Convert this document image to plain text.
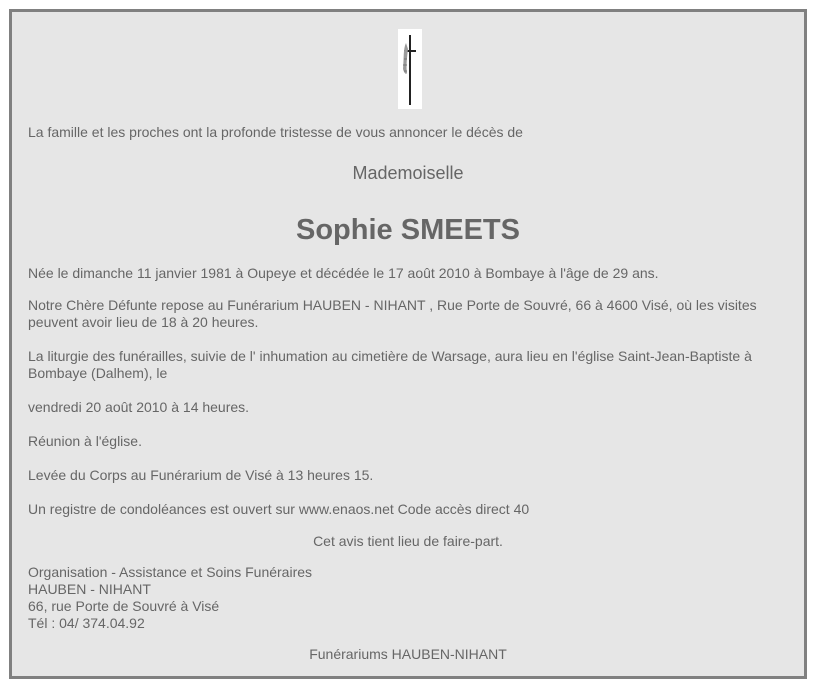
La famille et les proches ont la profonde tristesse de vous annoncer le décès de
Mademoiselle
Sophie SMEETS
Née le dimanche 11 janvier 1981 à Oupeye et décédée le 17 août 2010 à Bombaye à l'âge de 29 ans.
Notre Chère Défunte repose au Funérarium HAUBEN - NIHANT , Rue Porte de Souvré, 66 à 4600 Visé, où les visites peuvent avoir lieu de 18 à 20 heures.
La liturgie des funérailles, suivie de l' inhumation au cimetière de Warsage, aura lieu en l'église Saint-Jean-Baptiste à Bombaye (Dalhem), le
vendredi 20 août 2010 à 14 heures.
Réunion à l'église.
Levée du Corps au Funérarium de Visé à 13 heures 15.
Un registre de condoléances est ouvert sur www.enaos.net Code accès direct 40
Cet avis tient lieu de faire-part.
Organisation - Assistance et Soins Funéraires
HAUBEN - NIHANT
66, rue Porte de Souvré à Visé
Tél : 04/ 374.04.92
Funérariums HAUBEN-NIHANT
